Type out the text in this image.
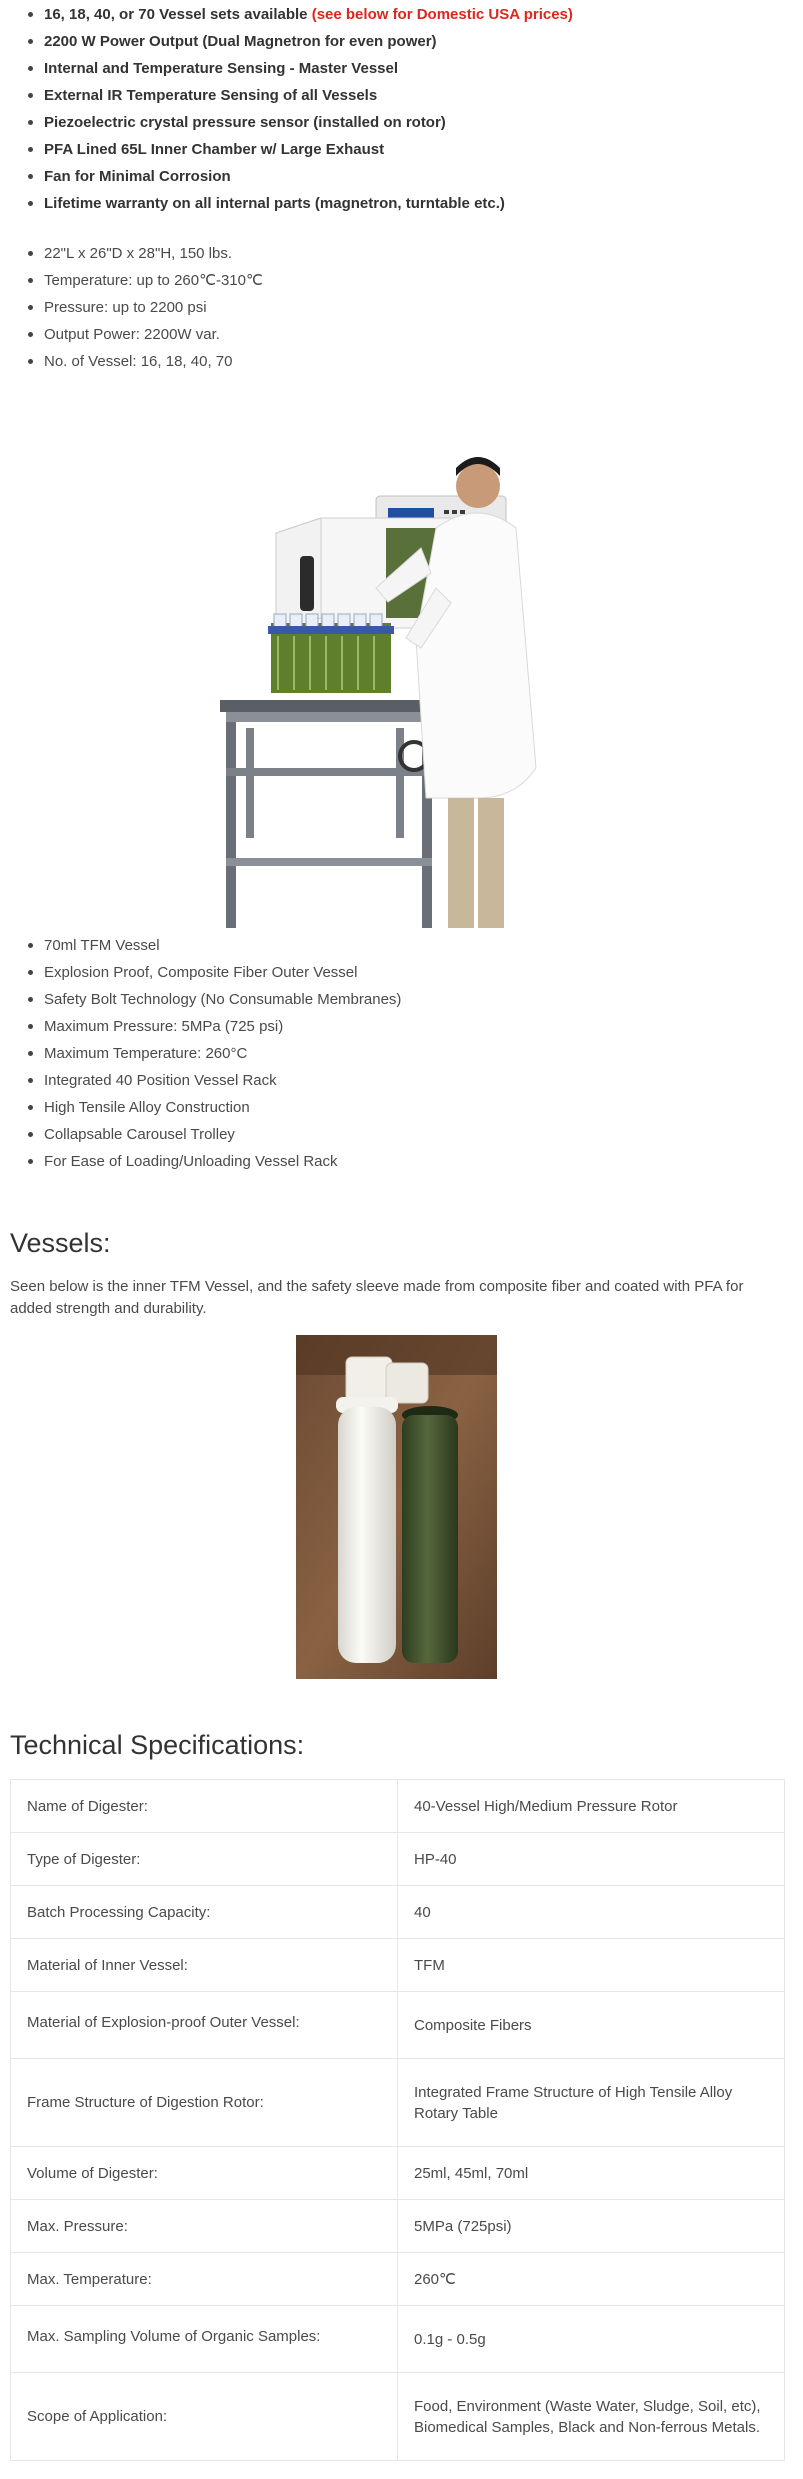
16, 18, 40, or 70 Vessel sets available (see below for Domestic USA prices)
2200 W Power Output (Dual Magnetron for even power)
Internal and Temperature Sensing - Master Vessel
External IR Temperature Sensing of all Vessels
Piezoelectric crystal pressure sensor (installed on rotor)
PFA Lined 65L Inner Chamber w/ Large Exhaust
Fan for Minimal Corrosion
Lifetime warranty on all internal parts (magnetron, turntable etc.)
22"L x 26"D x 28"H, 150 lbs.
Temperature: up to 260℃-310℃
Pressure: up to 2200 psi
Output Power: 2200W var.
No. of Vessel: 16, 18, 40, 70
70ml TFM Vessel
Explosion Proof, Composite Fiber Outer Vessel
Safety Bolt Technology (No Consumable Membranes)
Maximum Pressure: 5MPa (725 psi)
Maximum Temperature: 260°C
Integrated 40 Position Vessel Rack
High Tensile Alloy Construction
Collapsable Carousel Trolley
For Ease of Loading/Unloading Vessel Rack
Vessels:

Seen below is the inner TFM Vessel, and the safety sleeve made from composite fiber and coated with PFA for added strength and durability.

Technical Specifications:
Name of Digester:	40-Vessel High/Medium Pressure Rotor
Type of Digester:	HP-40
Batch Processing Capacity:	40
Material of Inner Vessel:	TFM
Material of Explosion-proof Outer Vessel:	Composite Fibers
Frame Structure of Digestion Rotor:	Integrated Frame Structure of High Tensile Alloy Rotary Table
Volume of Digester:	25ml, 45ml, 70ml
Max. Pressure:	5MPa (725psi)
Max. Temperature:	260℃
Max. Sampling Volume of Organic Samples:	0.1g - 0.5g
Scope of Application:	Food, Environment (Waste Water, Sludge, Soil, etc), Biomedical Samples, Black and Non-ferrous Metals.
